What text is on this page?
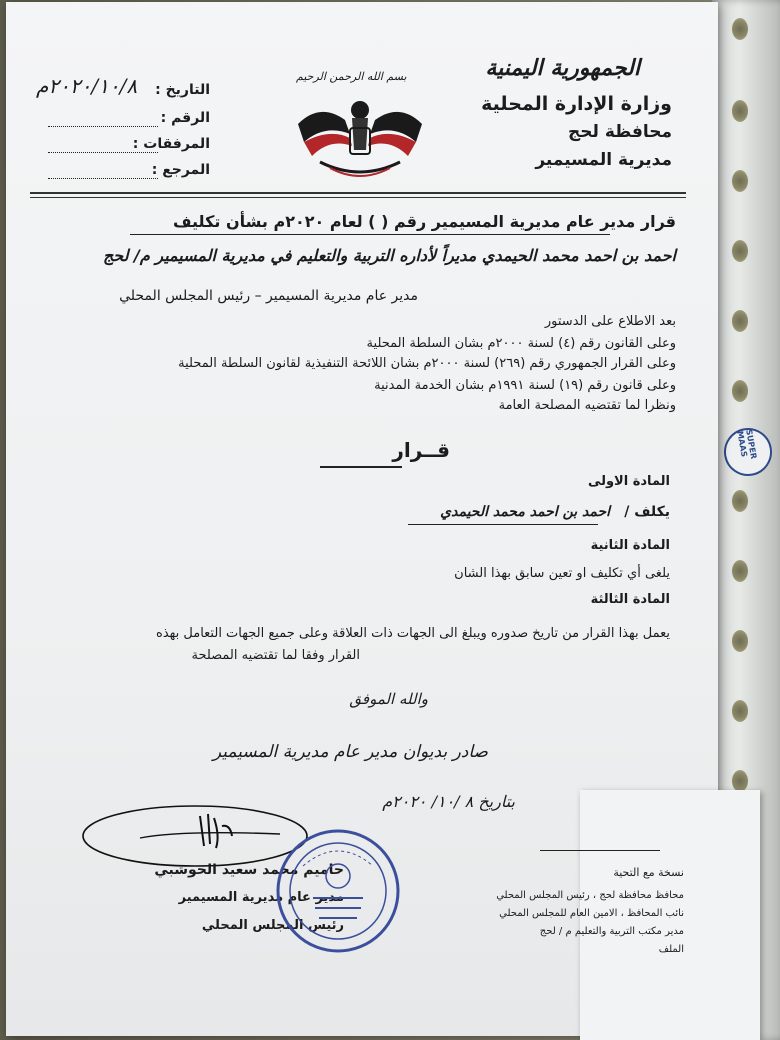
SUPER MAAS
الجمهورية اليمنية
وزارة الإدارة المحلية
محافظة لحج
مديرية المسيمير
بسم الله الرحمن الرحيم
التاريخ :
٢٠٢٠/١٠/٨م
الرقم :
المرفقات :
المرجع :
قرار مدير عام مديرية المسيمير رقم ( ) لعام ٢٠٢٠م بشأن تكليف
احمد بن احمد محمد الحيمدي مديراً لأداره التربية والتعليم في مديرية المسيمير م/ لحج
مدير عام مديرية المسيمير – رئيس المجلس المحلي
بعد الاطلاع على الدستور
وعلى القانون رقم (٤) لسنة ٢٠٠٠م بشان السلطة المحلية
وعلى القرار الجمهوري رقم (٢٦٩) لسنة ٢٠٠٠م بشان اللائحة التنفيذية لقانون السلطة المحلية
وعلى قانون رقم (١٩) لسنة ١٩٩١م بشان الخدمة المدنية
ونظرا لما تقتضيه المصلحة العامة
قــرار
المادة الاولى
يكلف /
احمد بن احمد محمد الحيمدي
المادة الثانية
يلغى أي تكليف او تعين سابق بهذا الشان
المادة الثالثة
يعمل بهذا القرار من تاريخ صدوره ويبلغ الى الجهات ذات العلاقة وعلى جميع الجهات التعامل بهذه
القرار وفقا لما تقتضيه المصلحة
والله الموفق
صادر بديوان مدير عام مديرية المسيمير
بتاريخ ٨ /١٠/ ٢٠٢٠م
حاميم محمد سعيد الحوشبي
مدير عام مديرية المسيمير
رئيس المجلس المحلي
نسخة مع التحية
محافظ محافظة لحج ، رئيس المجلس المحلي
نائب المحافظ ، الامين العام للمجلس المحلي
مدير مكتب التربية والتعليم م / لحج
الملف
